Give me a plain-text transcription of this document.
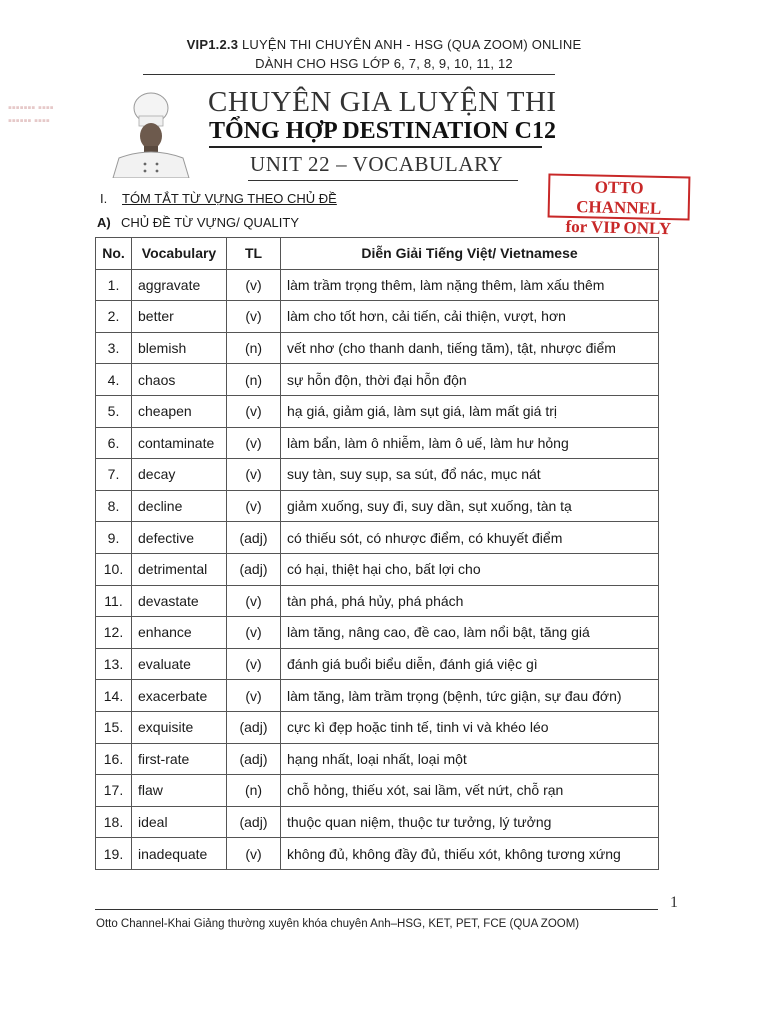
VIP1.2.3 LUYỆN THI CHUYÊN ANH - HSG (QUA ZOOM) ONLINE
DÀNH CHO HSG LỚP 6, 7, 8, 9, 10, 11, 12
▪▪▪▪▪▪▪ ▪▪▪▪
▪▪▪▪▪▪ ▪▪▪▪
CHUYÊN GIA LUYỆN THI
TỔNG HỢP DESTINATION C12
UNIT 22 – VOCABULARY
OTTO CHANNEL
for VIP ONLY
I. TÓM TẮT TỪ VỰNG THEO CHỦ ĐỀ
A) CHỦ ĐỀ TỪ VỰNG/ QUALITY
No.	Vocabulary	TL	Diễn Giải Tiếng Việt/ Vietnamese
1.	aggravate	(v)	làm trầm trọng thêm, làm nặng thêm, làm xấu thêm
2.	better	(v)	làm cho tốt hơn, cải tiến, cải thiện, vượt, hơn
3.	blemish	(n)	vết nhơ (cho thanh danh, tiếng tăm), tật, nhược điểm
4.	chaos	(n)	sự hỗn độn, thời đại hỗn độn
5.	cheapen	(v)	hạ giá, giảm giá, làm sụt giá, làm mất giá trị
6.	contaminate	(v)	làm bẩn, làm ô nhiễm, làm ô uế, làm hư hỏng
7.	decay	(v)	suy tàn, suy sụp, sa sút, đổ nác, mục nát
8.	decline	(v)	giảm xuống, suy đi, suy dần, sụt xuống, tàn tạ
9.	defective	(adj)	có thiếu sót, có nhược điểm, có khuyết điểm
10.	detrimental	(adj)	có hại, thiệt hại cho, bất lợi cho
11.	devastate	(v)	tàn phá, phá hủy, phá phách
12.	enhance	(v)	làm tăng, nâng cao, đề cao, làm nổi bật, tăng giá
13.	evaluate	(v)	đánh giá buổi biểu diễn, đánh giá việc gì
14.	exacerbate	(v)	làm tăng, làm trầm trọng (bệnh, tức giận, sự đau đớn)
15.	exquisite	(adj)	cực kì đẹp hoặc tinh tế, tinh vi và khéo léo
16.	first-rate	(adj)	hạng nhất, loại nhất, loại một
17.	flaw	(n)	chỗ hỏng, thiếu xót, sai lầm, vết nứt, chỗ rạn
18.	ideal	(adj)	thuộc quan niệm, thuộc tư tưởng, lý tưởng
19.	inadequate	(v)	không đủ, không đầy đủ, thiếu xót, không tương xứng
1
Otto Channel-Khai Giảng thường xuyên khóa chuyên Anh–HSG, KET, PET, FCE (QUA ZOOM)
